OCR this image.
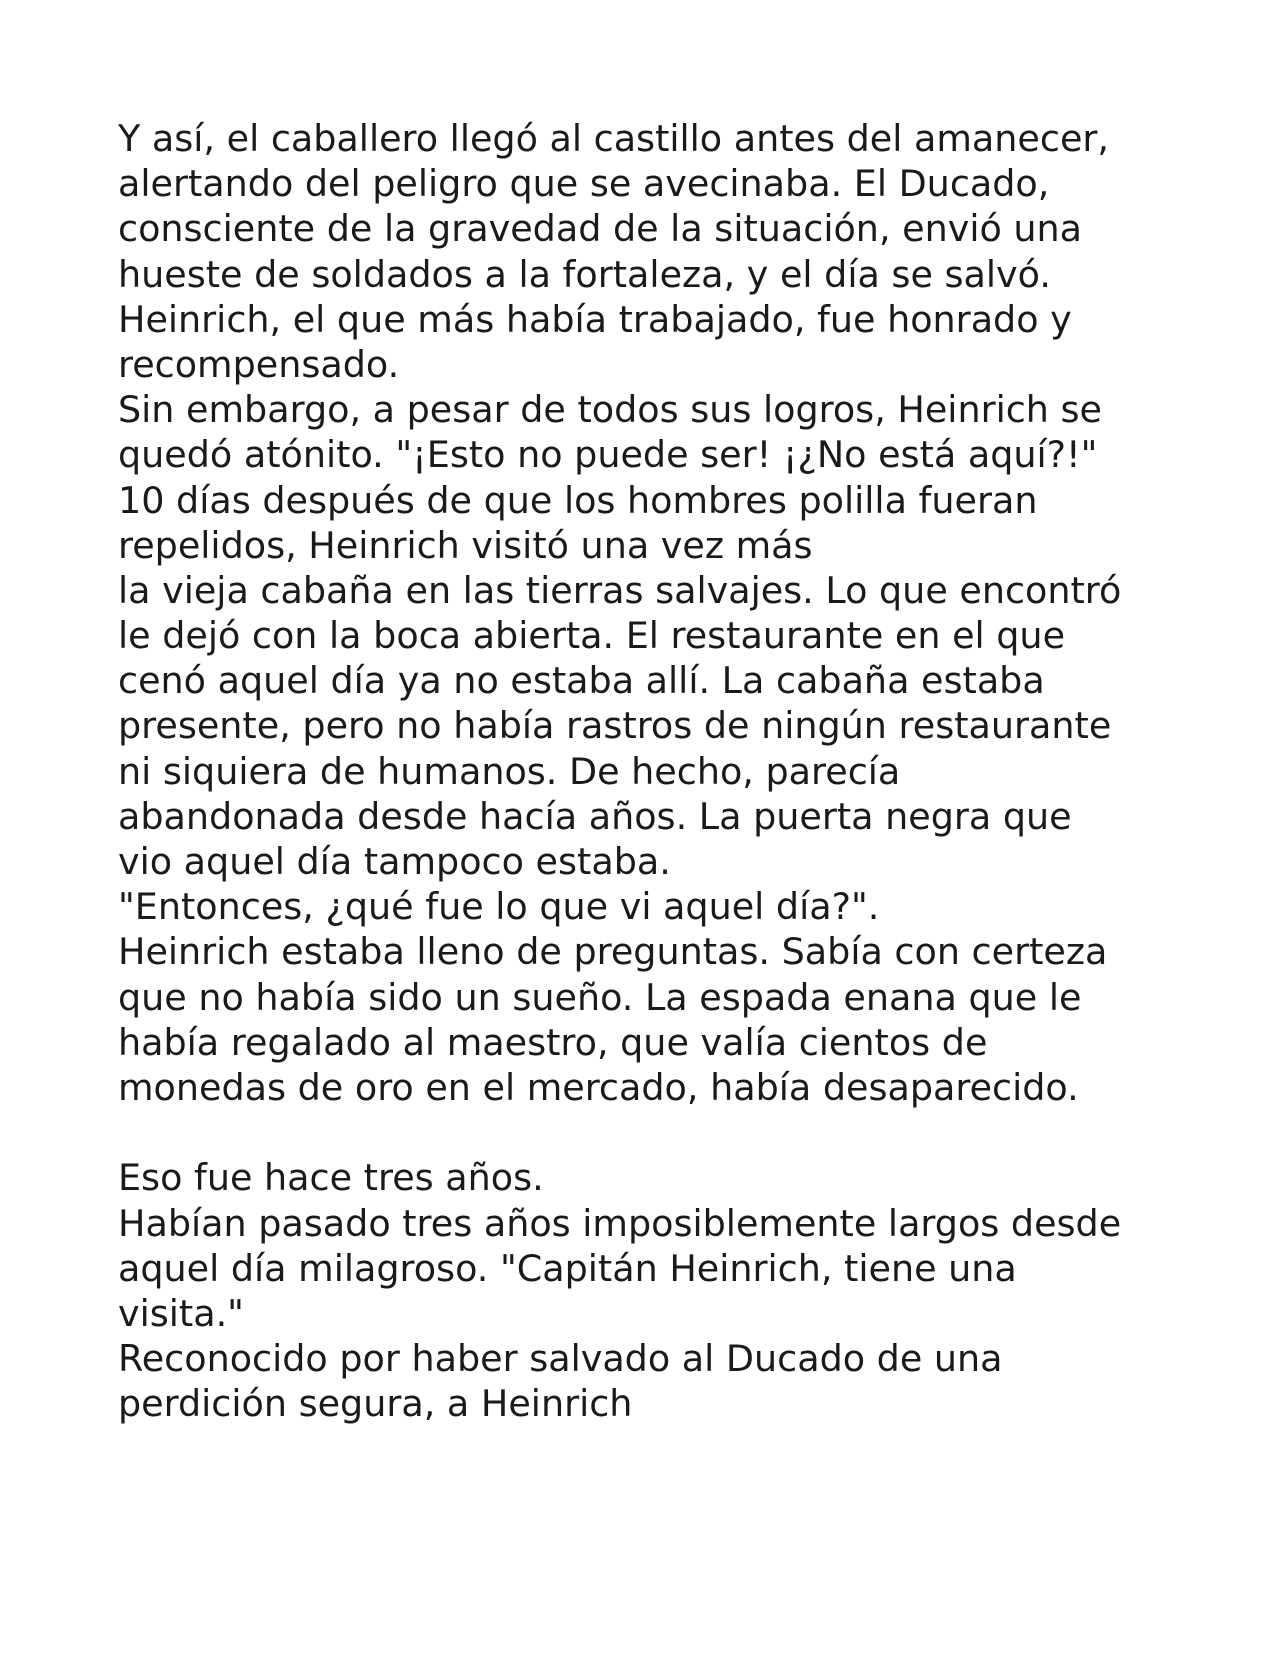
Y así, el caballero llegó al castillo antes del amanecer,
alertando del peligro que se avecinaba. El Ducado,
consciente de la gravedad de la situación, envió una
hueste de soldados a la fortaleza, y el día se salvó.
Heinrich, el que más había trabajado, fue honrado y
recompensado.
Sin embargo, a pesar de todos sus logros, Heinrich se
quedó atónito. "¡Esto no puede ser! ¡¿No está aquí?!"
10 días después de que los hombres polilla fueran
repelidos, Heinrich visitó una vez más
la vieja cabaña en las tierras salvajes. Lo que encontró
le dejó con la boca abierta. El restaurante en el que
cenó aquel día ya no estaba allí. La cabaña estaba
presente, pero no había rastros de ningún restaurante
ni siquiera de humanos. De hecho, parecía
abandonada desde hacía años. La puerta negra que
vio aquel día tampoco estaba.
"Entonces, ¿qué fue lo que vi aquel día?".
Heinrich estaba lleno de preguntas. Sabía con certeza
que no había sido un sueño. La espada enana que le
había regalado al maestro, que valía cientos de
monedas de oro en el mercado, había desaparecido.
Eso fue hace tres años.
Habían pasado tres años imposiblemente largos desde
aquel día milagroso. "Capitán Heinrich, tiene una
visita."
Reconocido por haber salvado al Ducado de una
perdición segura, a Heinrich
